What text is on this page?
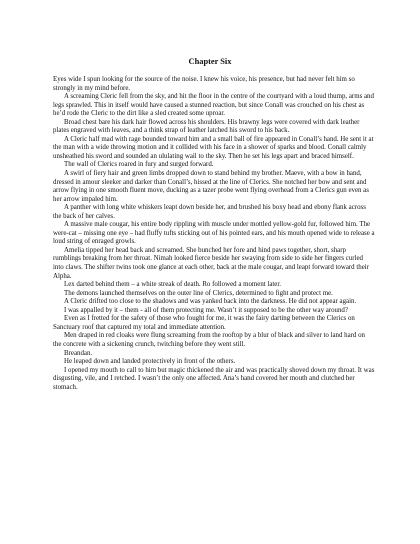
Chapter Six

Eyes wide I spun looking for the source of the noise. I knew his voice, his presence, but had never felt him so strongly in my mind before.

A screaming Cleric fell from the sky, and hit the floor in the centre of the courtyard with a loud thump, arms and legs sprawled. This in itself would have caused a stunned reaction, but since Conall was crouched on his chest as he’d rode the Cleric to the dirt like a sled created some uproar.

Broad chest bare his dark hair flowed across his shoulders. His brawny legs were covered with dark leather plates engraved with leaves, and a think strap of leather latched his sword to his back.

A Cleric half mad with rage bounded toward him and a small ball of fire appeared in Conall’s hand. He sent it at the man with a wide throwing motion and it collided with his face in a shower of sparks and blood. Conall calmly unsheathed his sword and sounded an ululating wail to the sky. Then he set his legs apart and braced himself.

The wall of Clerics roared in fury and surged forward.

A swirl of fiery hair and green limbs dropped down to stand behind my brother. Maeve, with a bow in hand, dressed in amour sleeker and darker than Conall’s, hissed at the line of Clerics. She notched her bow and sent and arrow flying in one smooth fluent move, ducking as a tazer probe went flying overhead from a Clerics gun even as her arrow impaled him.

A panther with long white whiskers leapt down beside her, and brushed his boxy head and ebony flank across the back of her calves.

A massive male cougar, his entire body rippling with muscle under mottled yellow-gold fur, followed him. The were-cat – missing one eye – had fluffy tufts sticking out of his pointed ears, and his mouth opened wide to release a loud string of enraged growls.

Amelia tipped her head back and screamed. She bunched her fore and hind paws together, short, sharp rumblings breaking from her throat. Nimah looked fierce beside her swaying from side to side her fingers curled into claws. The shifter twins took one glance at each other, back at the male cougar, and leapt forward toward their Alpha.

Lex darted behind them – a white streak of death. Ro followed a moment later.

The demons launched themselves on the outer line of Clerics, determined to fight and protect me.

A Cleric drifted too close to the shadows and was yanked back into the darkness. He did not appear again.

I was appalled by it – them - all of them protecting me. Wasn’t it supposed to be the other way around?

Even as I fretted for the safety of those who fought for me, it was the fairy darting between the Clerics on Sanctuary roof that captured my total and immediate attention.

Men draped in red cloaks were flung screaming from the rooftop by a blur of black and silver to land hard on the concrete with a sickening crunch, twitching before they went still.

Breandan.

He leaped down and landed protectively in front of the others.

I opened my mouth to call to him but magic thickened the air and was practically shoved down my throat. It was disgusting, vile, and I retched. I wasn’t the only one affected. Ana’s hand covered her mouth and clutched her stomach.
